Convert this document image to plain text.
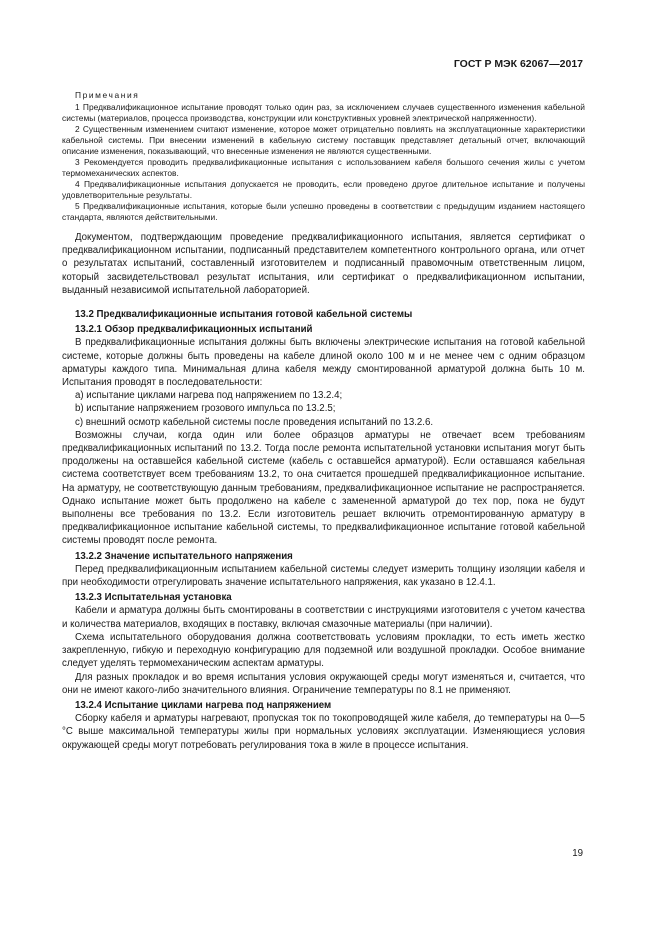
ГОСТ Р МЭК 62067—2017
Примечания

1 Предквалификационное испытание проводят только один раз, за исключением случаев существенного изменения кабельной системы (материалов, процесса производства, конструкции или конструктивных уровней электрической напряженности).

2 Существенным изменением считают изменение, которое может отрицательно повлиять на эксплуатационные характеристики кабельной системы. При внесении изменений в кабельную систему поставщик представляет детальный отчет, включающий описание изменения, показывающий, что внесенные изменения не являются существенными.

3 Рекомендуется проводить предквалификационные испытания с использованием кабеля большого сечения жилы с учетом термомеханических аспектов.

4 Предквалификационные испытания допускается не проводить, если проведено другое длительное испытание и получены удовлетворительные результаты.

5 Предквалификационные испытания, которые были успешно проведены в соответствии с предыдущим изданием настоящего стандарта, являются действительными.

Документом, подтверждающим проведение предквалификационного испытания, является сертификат о предквалификационном испытании, подписанный представителем компетентного контрольного органа, или отчет о результатах испытаний, составленный изготовителем и подписанный правомочным ответственным лицом, который засвидетельствовал результат испытания, или сертификат о предквалификационном испытании, выданный независимой испытательной лабораторией.

13.2 Предквалификационные испытания готовой кабельной системы

13.2.1 Обзор предквалификационных испытаний

В предквалификационные испытания должны быть включены электрические испытания на готовой кабельной системе, которые должны быть проведены на кабеле длиной около 100 м и не менее чем с одним образцом арматуры каждого типа. Минимальная длина кабеля между смонтированной арматурой должна быть 10 м. Испытания проводят в последовательности:

a) испытание циклами нагрева под напряжением по 13.2.4;

b) испытание напряжением грозового импульса по 13.2.5;

c) внешний осмотр кабельной системы после проведения испытаний по 13.2.6.

Возможны случаи, когда один или более образцов арматуры не отвечает всем требованиям предквалификационных испытаний по 13.2. Тогда после ремонта испытательной установки испытания могут быть продолжены на оставшейся кабельной системе (кабель с оставшейся арматурой). Если оставшаяся кабельная система соответствует всем требованиям 13.2, то она считается прошедшей предквалификационное испытание. На арматуру, не соответствующую данным требованиям, предквалификационное испытание не распространяется. Однако испытание может быть продолжено на кабеле с замененной арматурой до тех пор, пока не будут выполнены все требования по 13.2. Если изготовитель решает включить отремонтированную арматуру в предквалификационное испытание кабельной системы, то предквалификационное испытание готовой кабельной системы проводят после ремонта.

13.2.2 Значение испытательного напряжения

Перед предквалификационным испытанием кабельной системы следует измерить толщину изоляции кабеля и при необходимости отрегулировать значение испытательного напряжения, как указано в 12.4.1.

13.2.3 Испытательная установка

Кабели и арматура должны быть смонтированы в соответствии с инструкциями изготовителя с учетом качества и количества материалов, входящих в поставку, включая смазочные материалы (при наличии).

Схема испытательного оборудования должна соответствовать условиям прокладки, то есть иметь жестко закрепленную, гибкую и переходную конфигурацию для подземной или воздушной прокладки. Особое внимание следует уделять термомеханическим аспектам арматуры.

Для разных прокладок и во время испытания условия окружающей среды могут изменяться и, считается, что они не имеют какого-либо значительного влияния. Ограничение температуры по 8.1 не применяют.

13.2.4 Испытание циклами нагрева под напряжением

Сборку кабеля и арматуры нагревают, пропуская ток по токопроводящей жиле кабеля, до температуры на 0—5 °C выше максимальной температуры жилы при нормальных условиях эксплуатации. Изменяющиеся условия окружающей среды могут потребовать регулирования тока в жиле в процессе испытания.

19
